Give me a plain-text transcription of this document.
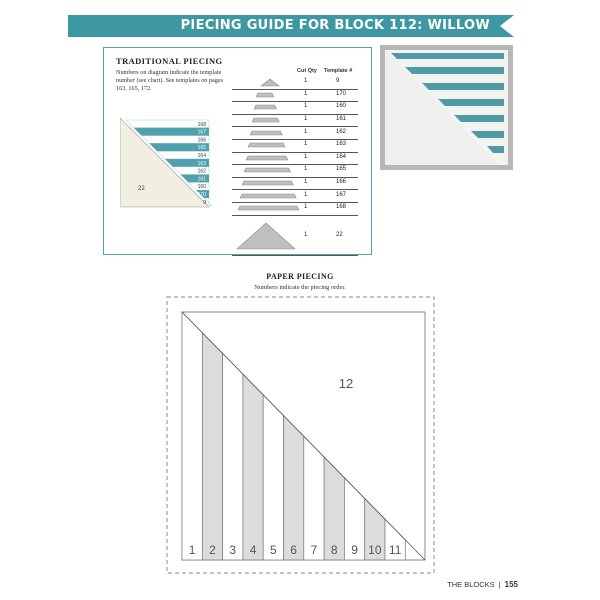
PIECING GUIDE FOR BLOCK 112: WILLOW
TRADITIONAL PIECING
Numbers on diagram indicate the template number (see chart). See templates on pages 163, 165, 172.
168
167
166
165
164
163
162
161
160
170
9
22
Cut Qty Template #
1	9
1	170
1	160
1	161
1	162
1	163
1	164
1	165
1	166
1	167
1	168
1	22
PAPER PIECING
Numbers indicate the piecing order.
12
1 2 3 4 5 6 7 8 9 10 11
THE BLOCKS | 155
